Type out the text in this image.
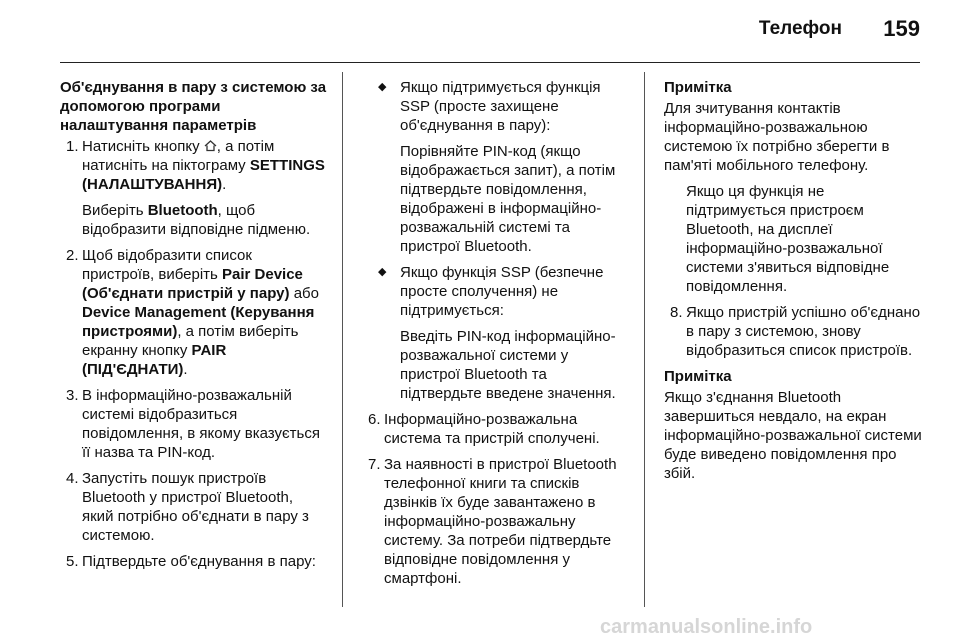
Телефон 159
Об'єднування в пару з системою за
допомогою програми
налаштування параметрів
1. Натисніть кнопку , а потім натисніть на піктограму SETTINGS (НАЛАШТУВАННЯ).
Виберіть Bluetooth, щоб відобразити відповідне підменю.
2. Щоб відобразити список пристроїв, виберіть Pair Device (Об'єднати пристрій у пару) або Device Management (Керування пристроями), а потім виберіть екранну кнопку PAIR (ПІД'ЄДНАТИ).
3. В інформаційно-розважальній системі відобразиться повідомлення, в якому вказується її назва та PIN-код.
4. Запустіть пошук пристроїв Bluetooth у пристрої Bluetooth, який потрібно об'єднати в пару з системою.
5. Підтвердьте об'єднування в пару:
◆ Якщо підтримується функція SSP (просте захищене об'єднування в пару):
Порівняйте PIN-код (якщо відображається запит), а потім підтвердьте повідомлення, відображені в інформаційно-розважальній системі та пристрої Bluetooth.
◆ Якщо функція SSP (безпечне просте сполучення) не підтримується:
Введіть PIN-код інформаційно-розважальної системи у пристрої Bluetooth та підтвердьте введене значення.
6. Інформаційно-розважальна система та пристрій сполучені.
7. За наявності в пристрої Bluetooth телефонної книги та списків дзвінків їх буде завантажено в інформаційно-розважальну систему. За потреби підтвердьте відповідне повідомлення у смартфоні.
Примітка
Для зчитування контактів інформаційно-розважальною системою їх потрібно зберегти в пам'яті мобільного телефону.
Якщо ця функція не підтримується пристроєм Bluetooth, на дисплеї інформаційно-розважальної системи з'явиться відповідне повідомлення.
8. Якщо пристрій успішно об'єднано в пару з системою, знову відобразиться список пристроїв.
Примітка
Якщо з'єднання Bluetooth завершиться невдало, на екран інформаційно-розважальної системи буде виведено повідомлення про збій.
carmanualsonline.info
